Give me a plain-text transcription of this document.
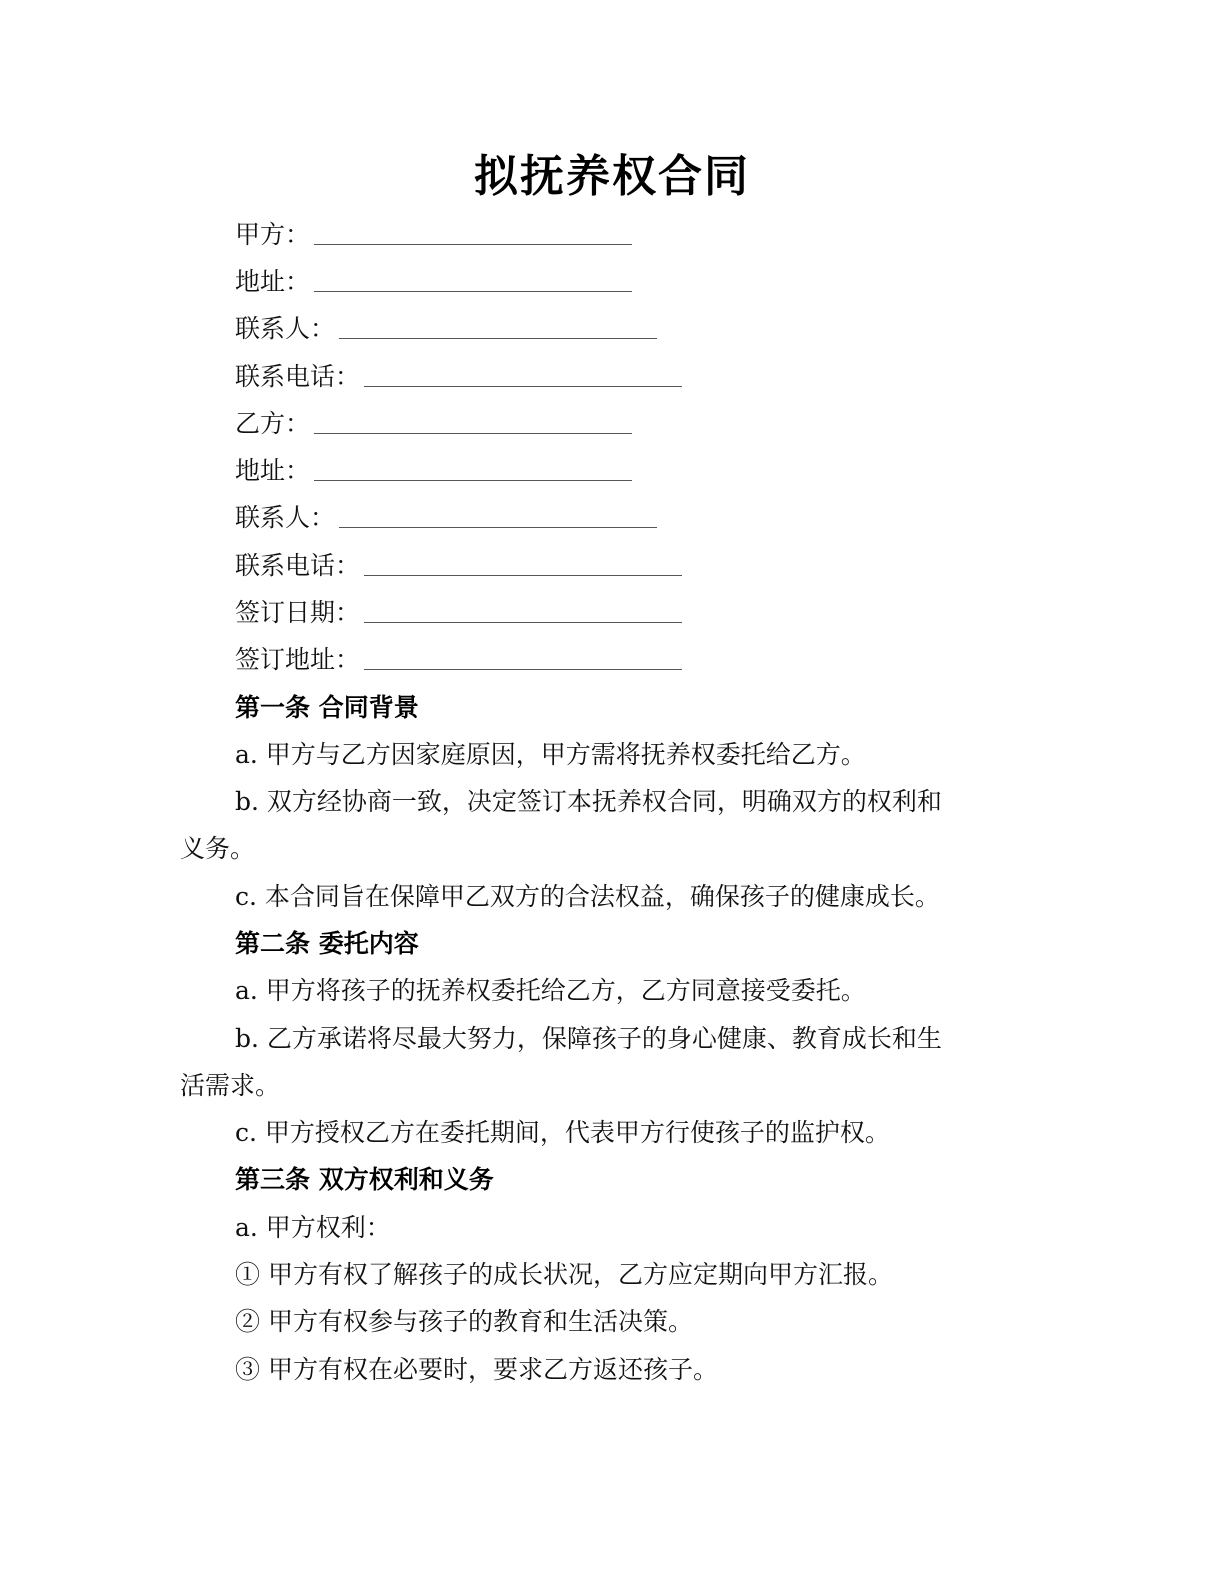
拟抚养权合同
甲方：
地址：
联系人：
联系电话：
乙方：
地址：
联系人：
联系电话：
签订日期：
签订地址：
第一条 合同背景
a. 甲方与乙方因家庭原因，甲方需将抚养权委托给乙方。
b. 双方经协商一致，决定签订本抚养权合同，明确双方的权利和
义务。
c. 本合同旨在保障甲乙双方的合法权益，确保孩子的健康成长。
第二条 委托内容
a. 甲方将孩子的抚养权委托给乙方，乙方同意接受委托。
b. 乙方承诺将尽最大努力，保障孩子的身心健康、教育成长和生
活需求。
c. 甲方授权乙方在委托期间，代表甲方行使孩子的监护权。
第三条 双方权利和义务
a. 甲方权利：
① 甲方有权了解孩子的成长状况，乙方应定期向甲方汇报。
② 甲方有权参与孩子的教育和生活决策。
③ 甲方有权在必要时，要求乙方返还孩子。
